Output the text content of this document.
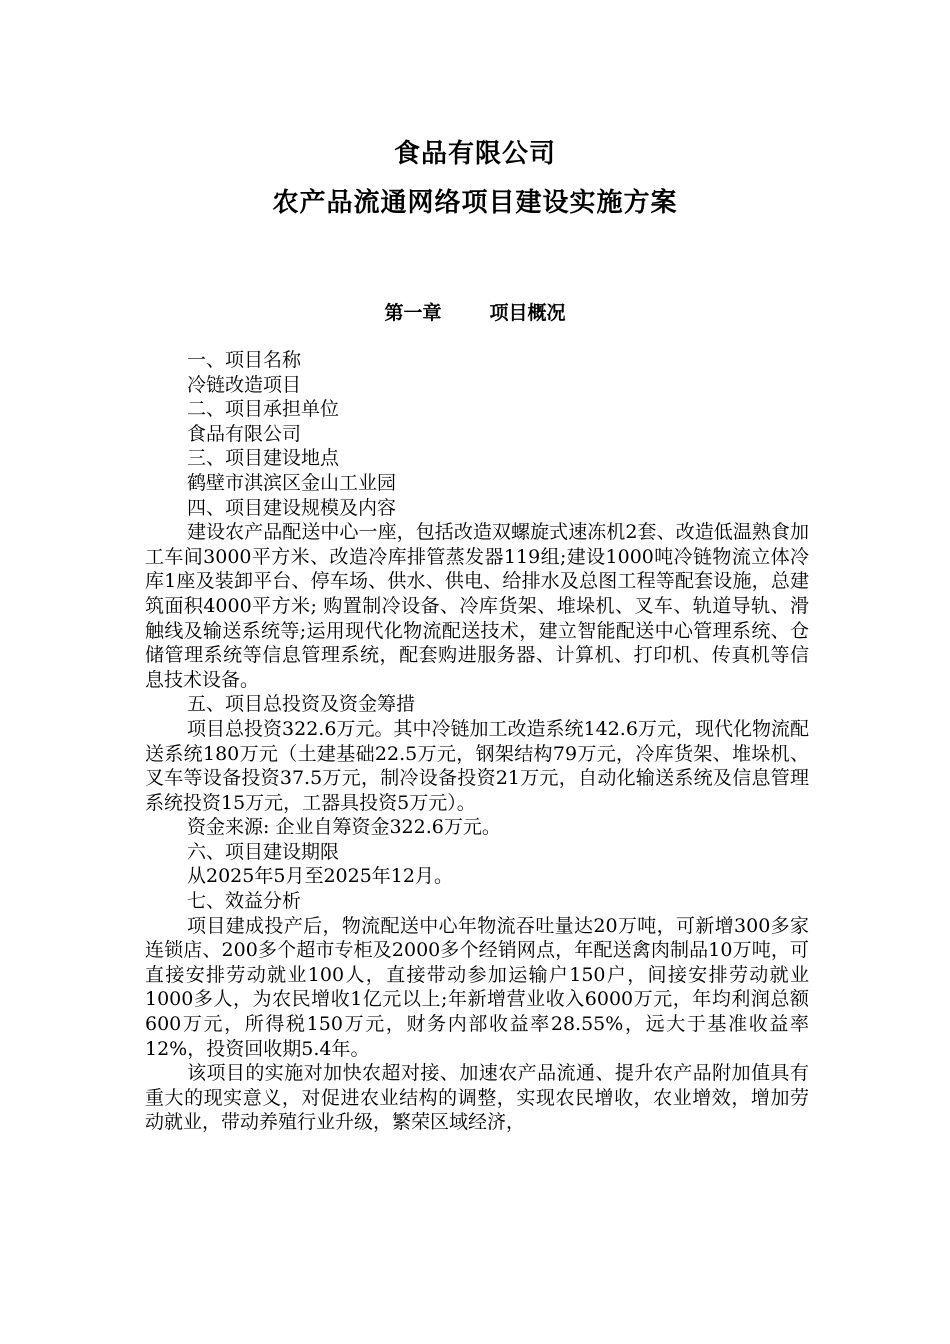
食品有限公司
农产品流通网络项目建设实施方案
第一章	项目概况

一、项目名称

冷链改造项目

二、项目承担单位

食品有限公司

三、项目建设地点

鹤壁市淇滨区金山工业园

四、项目建设规模及内容

建设农产品配送中心一座，包括改造双螺旋式速冻机2套、改造低温熟食加工车间3000平方米、改造冷库排管蒸发器119组;建设1000吨冷链物流立体冷库1座及装卸平台、停车场、供水、供电、给排水及总图工程等配套设施，总建筑面积4000平方米; 购置制冷设备、冷库货架、堆垛机、叉车、轨道导轨、滑触线及输送系统等;运用现代化物流配送技术，建立智能配送中心管理系统、仓储管理系统等信息管理系统，配套购进服务器、计算机、打印机、传真机等信息技术设备。

五、项目总投资及资金筹措

项目总投资322.6万元。其中冷链加工改造系统142.6万元，现代化物流配送系统180万元（土建基础22.5万元，钢架结构79万元，冷库货架、堆垛机、叉车等设备投资37.5万元，制冷设备投资21万元，自动化输送系统及信息管理系统投资15万元，工器具投资5万元）。

资金来源: 企业自筹资金322.6万元。

六、项目建设期限

从2025年5月至2025年12月。

七、效益分析

项目建成投产后，物流配送中心年物流吞吐量达20万吨，可新增300多家连锁店、200多个超市专柜及2000多个经销网点，年配送禽肉制品10万吨，可直接安排劳动就业100人，直接带动参加运输户150户，间接安排劳动就业1000多人，为农民增收1亿元以上;年新增营业收入6000万元，年均利润总额600万元，所得税150万元，财务内部收益率28.55%，远大于基准收益率12%，投资回收期5.4年。

该项目的实施对加快农超对接、加速农产品流通、提升农产品附加值具有重大的现实意义，对促进农业结构的调整，实现农民增收，农业增效，增加劳动就业，带动养殖行业升级，繁荣区域经济，
